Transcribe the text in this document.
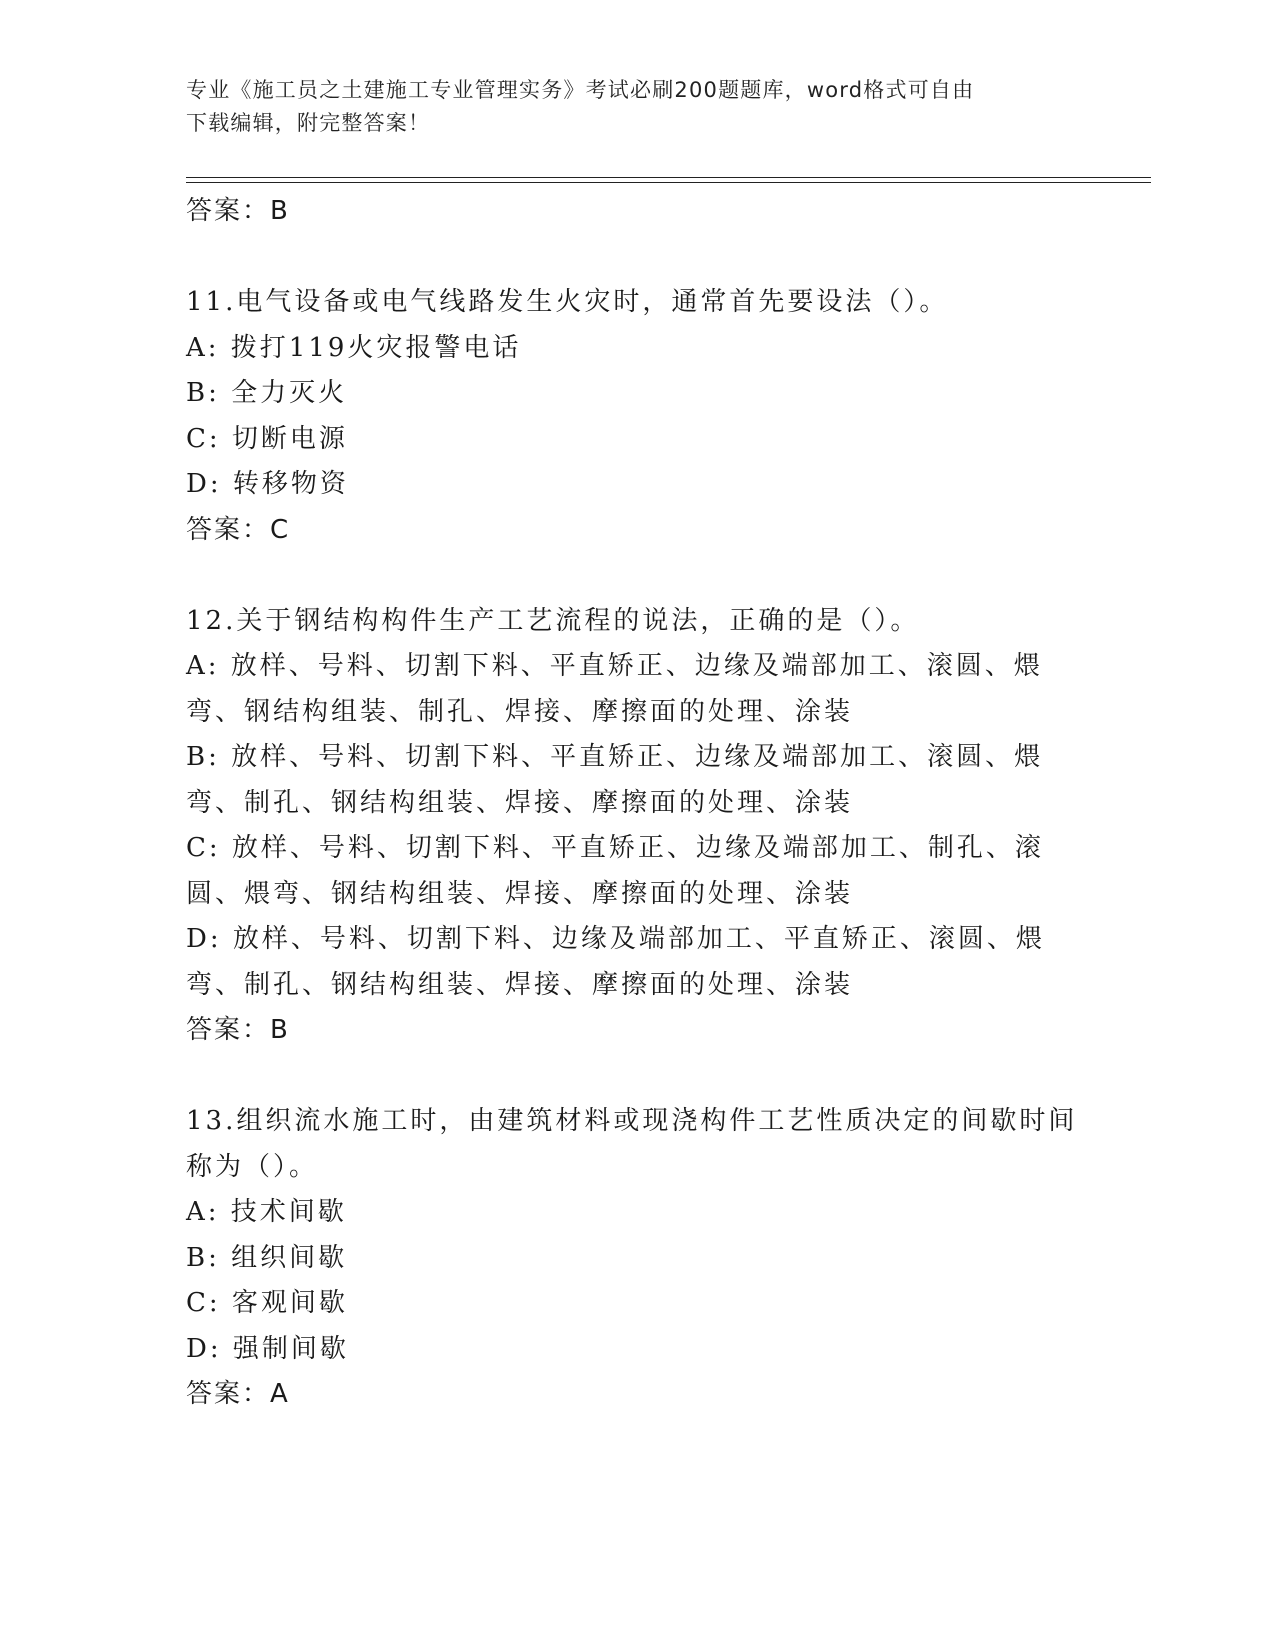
专业《施工员之土建施工专业管理实务》考试必刷200题题库，word格式可自由
下载编辑，附完整答案！
答案：B
11.电气设备或电气线路发生火灾时，通常首先要设法（）。
A: 拨打119火灾报警电话
B: 全力灭火
C: 切断电源
D: 转移物资
答案：C
12.关于钢结构构件生产工艺流程的说法，正确的是（）。
A: 放样、号料、切割下料、平直矫正、边缘及端部加工、滚圆、煨弯、钢结构组装、制孔、焊接、摩擦面的处理、涂装
B: 放样、号料、切割下料、平直矫正、边缘及端部加工、滚圆、煨弯、制孔、钢结构组装、焊接、摩擦面的处理、涂装
C: 放样、号料、切割下料、平直矫正、边缘及端部加工、制孔、滚圆、煨弯、钢结构组装、焊接、摩擦面的处理、涂装
D: 放样、号料、切割下料、边缘及端部加工、平直矫正、滚圆、煨弯、制孔、钢结构组装、焊接、摩擦面的处理、涂装
答案：B
13.组织流水施工时，由建筑材料或现浇构件工艺性质决定的间歇时间称为（）。
A: 技术间歇
B: 组织间歇
C: 客观间歇
D: 强制间歇
答案：A
